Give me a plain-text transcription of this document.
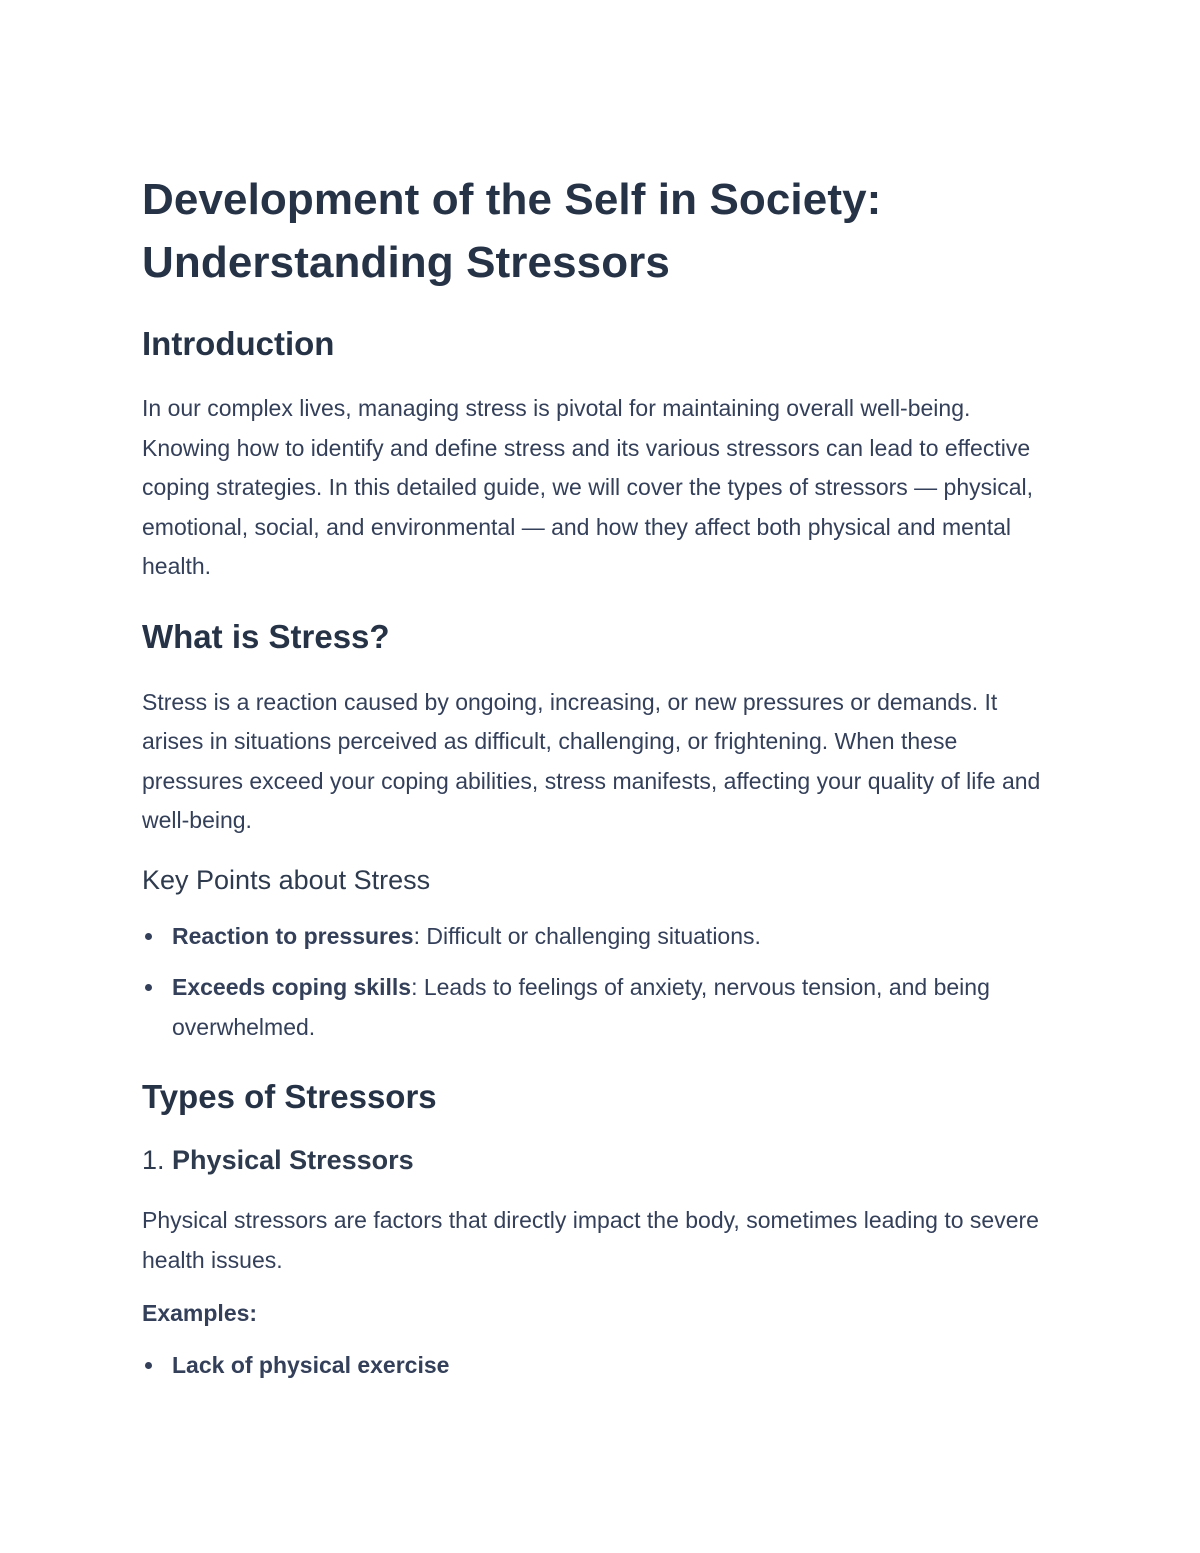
Development of the Self in Society: Understanding Stressors
Introduction

In our complex lives, managing stress is pivotal for maintaining overall well-being. Knowing how to identify and define stress and its various stressors can lead to effective coping strategies. In this detailed guide, we will cover the types of stressors — physical, emotional, social, and environmental — and how they affect both physical and mental health.

What is Stress?

Stress is a reaction caused by ongoing, increasing, or new pressures or demands. It arises in situations perceived as difficult, challenging, or frightening. When these pressures exceed your coping abilities, stress manifests, affecting your quality of life and well-being.

Key Points about Stress
Reaction to pressures: Difficult or challenging situations.
Exceeds coping skills: Leads to feelings of anxiety, nervous tension, and being overwhelmed.
Types of Stressors
1. Physical Stressors

Physical stressors are factors that directly impact the body, sometimes leading to severe health issues.

Examples:
Lack of physical exercise
